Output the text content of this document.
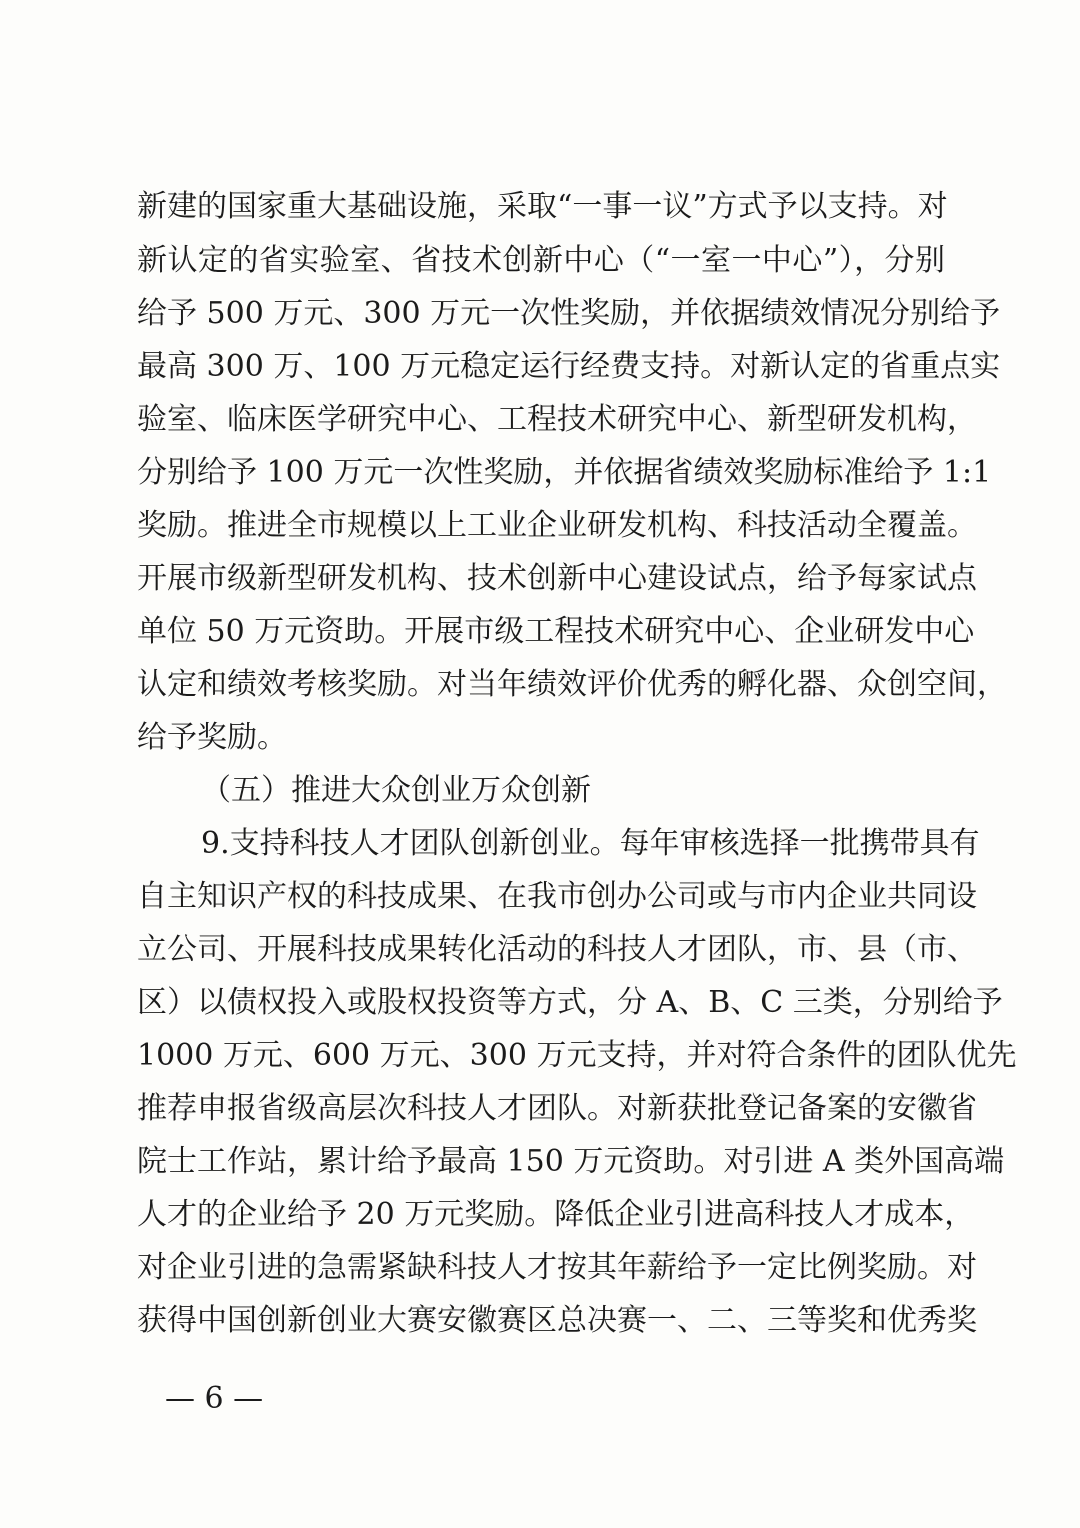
新建的国家重大基础设施，采取“一事一议”方式予以支持。对
新认定的省实验室、省技术创新中心（“一室一中心”），分别
给予 500 万元、300 万元一次性奖励，并依据绩效情况分别给予
最高 300 万、100 万元稳定运行经费支持。对新认定的省重点实
验室、临床医学研究中心、工程技术研究中心、新型研发机构，
分别给予 100 万元一次性奖励，并依据省绩效奖励标准给予 1:1
奖励。推进全市规模以上工业企业研发机构、科技活动全覆盖。
开展市级新型研发机构、技术创新中心建设试点，给予每家试点
单位 50 万元资助。开展市级工程技术研究中心、企业研发中心
认定和绩效考核奖励。对当年绩效评价优秀的孵化器、众创空间，
给予奖励。
（五）推进大众创业万众创新
9.支持科技人才团队创新创业。每年审核选择一批携带具有
自主知识产权的科技成果、在我市创办公司或与市内企业共同设
立公司、开展科技成果转化活动的科技人才团队，市、县（市、
区）以债权投入或股权投资等方式，分 A、B、C 三类，分别给予
1000 万元、600 万元、300 万元支持，并对符合条件的团队优先
推荐申报省级高层次科技人才团队。对新获批登记备案的安徽省
院士工作站，累计给予最高 150 万元资助。对引进 A 类外国高端
人才的企业给予 20 万元奖励。降低企业引进高科技人才成本，
对企业引进的急需紧缺科技人才按其年薪给予一定比例奖励。对
获得中国创新创业大赛安徽赛区总决赛一、二、三等奖和优秀奖
— 6 —
